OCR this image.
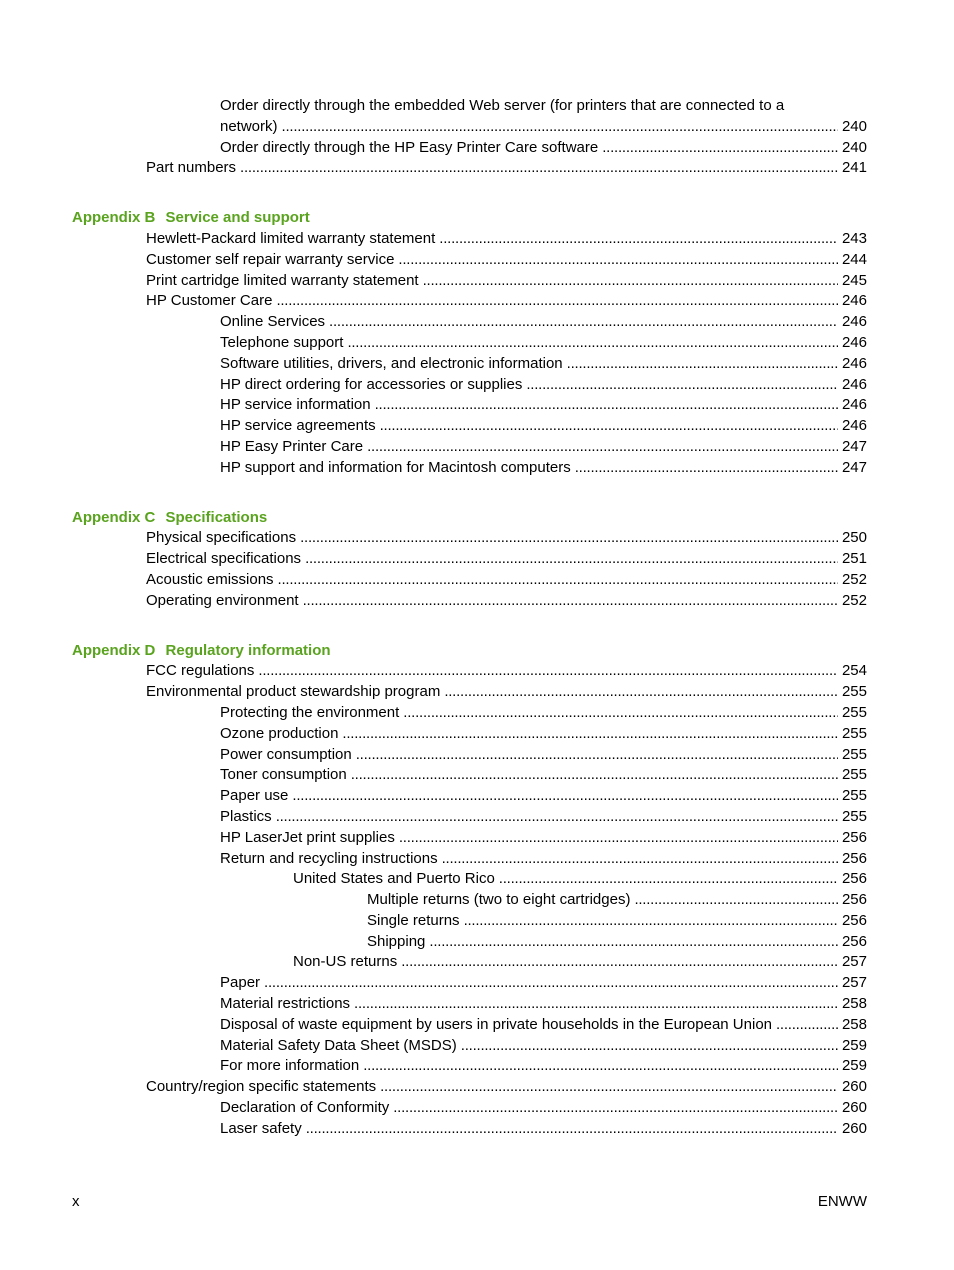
Order directly through the embedded Web server (for printers that are connected to a
network) . . .	240
Order directly through the HP Easy Printer Care software . . .	240
Part numbers . . .	241
Appendix B Service and support
Hewlett-Packard limited warranty statement . . .	243
Customer self repair warranty service . . .	244
Print cartridge limited warranty statement . . .	245
HP Customer Care . . .	246
Online Services . . .	246
Telephone support . . .	246
Software utilities, drivers, and electronic information . . .	246
HP direct ordering for accessories or supplies . . .	246
HP service information . . .	246
HP service agreements . . .	246
HP Easy Printer Care . . .	247
HP support and information for Macintosh computers . . .	247
Appendix C Specifications
Physical specifications . . .	250
Electrical specifications . . .	251
Acoustic emissions . . .	252
Operating environment . . .	252
Appendix D Regulatory information
FCC regulations . . .	254
Environmental product stewardship program . . .	255
Protecting the environment . . .	255
Ozone production . . .	255
Power consumption . . .	255
Toner consumption . . .	255
Paper use . . .	255
Plastics . . .	255
HP LaserJet print supplies . . .	256
Return and recycling instructions . . .	256
United States and Puerto Rico . . .	256
Multiple returns (two to eight cartridges) . . .	256
Single returns . . .	256
Shipping . . .	256
Non-US returns . . .	257
Paper . . .	257
Material restrictions . . .	258
Disposal of waste equipment by users in private households in the European Union . . .	258
Material Safety Data Sheet (MSDS) . . .	259
For more information . . .	259
Country/region specific statements . . .	260
Declaration of Conformity . . .	260
Laser safety . . .	260
x	ENWW
